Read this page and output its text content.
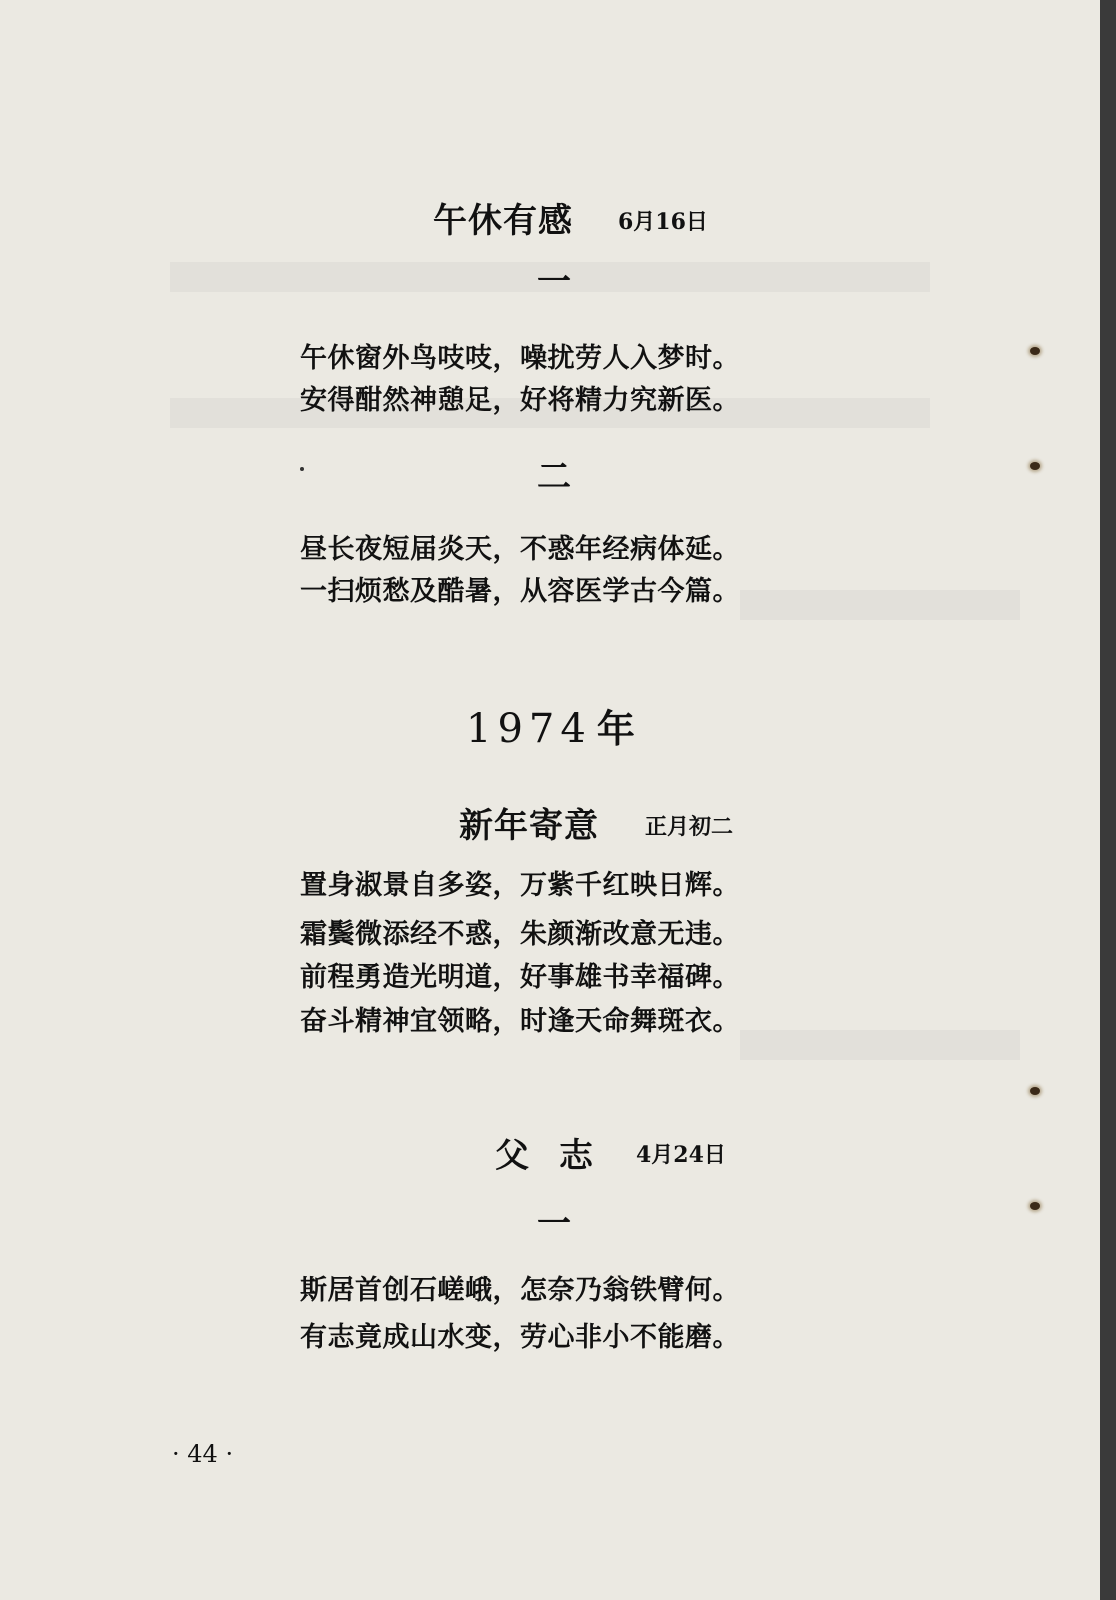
午休有感 6月16日
一
午休窗外鸟吱吱，噪扰劳人入梦时。
安得酣然神憩足，好将精力究新医。
二
昼长夜短届炎天，不惑年经病体延。
一扫烦愁及酷暑，从容医学古今篇。
1974 年
新年寄意 正月初二
置身淑景自多姿，万紫千红映日辉。
霜鬓微添经不惑，朱颜渐改意无违。
前程勇造光明道，好事雄书幸福碑。
奋斗精神宜领略，时逢天命舞斑衣。
父志 4月24日
一
斯居首创石嵯峨，怎奈乃翁铁臂何。
有志竟成山水变，劳心非小不能磨。
· 44 ·
